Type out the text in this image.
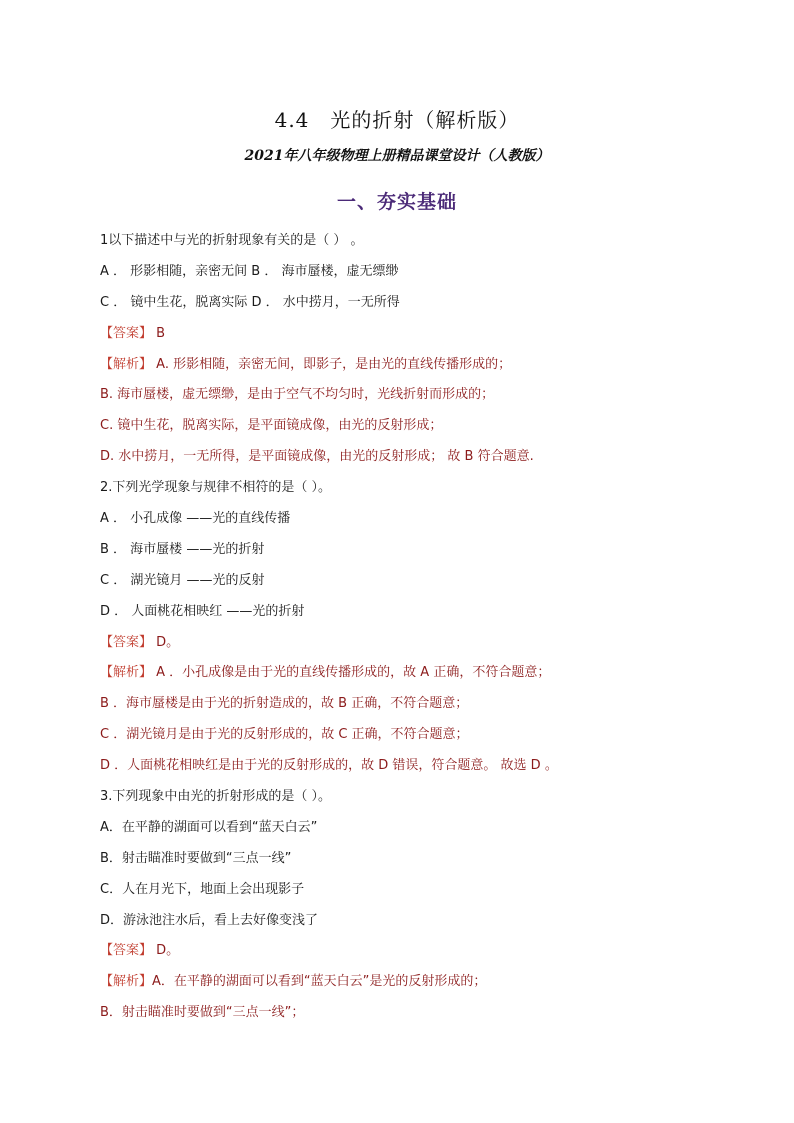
4.4　光的折射（解析版）
2021年八年级物理上册精品课堂设计（人教版）
一、夯实基础
1以下描述中与光的折射现象有关的是（ ） 。
A ． 形影相随，亲密无间 B ． 海市蜃楼，虚无缥缈
C ． 镜中生花，脱离实际 D ． 水中捞月，一无所得
【答案】 B
【解析】 A. 形影相随，亲密无间，即影子，是由光的直线传播形成的；
B. 海市蜃楼，虚无缥缈，是由于空气不均匀时，光线折射而形成的；
C. 镜中生花，脱离实际，是平面镜成像，由光的反射形成；
D. 水中捞月，一无所得，是平面镜成像，由光的反射形成； 故 B 符合题意.
2.下列光学现象与规律不相符的是（ ）。
A ． 小孔成像 ——光的直线传播
B ． 海市蜃楼 ——光的折射
C ． 湖光镜月 ——光的反射
D ． 人面桃花相映红 ——光的折射
【答案】 D。
【解析】 A ．小孔成像是由于光的直线传播形成的，故 A 正确，不符合题意；
B ．海市蜃楼是由于光的折射造成的，故 B 正确，不符合题意；
C ．湖光镜月是由于光的反射形成的，故 C 正确，不符合题意；
D ．人面桃花相映红是由于光的反射形成的，故 D 错误，符合题意。 故选 D 。
3.下列现象中由光的折射形成的是（ ）。
A．在平静的湖面可以看到“蓝天白云”
B．射击瞄准时要做到“三点一线”
C．人在月光下，地面上会出现影子
D．游泳池注水后，看上去好像变浅了
【答案】 D。
【解析】A．在平静的湖面可以看到“蓝天白云”是光的反射形成的；
B．射击瞄准时要做到“三点一线”；
